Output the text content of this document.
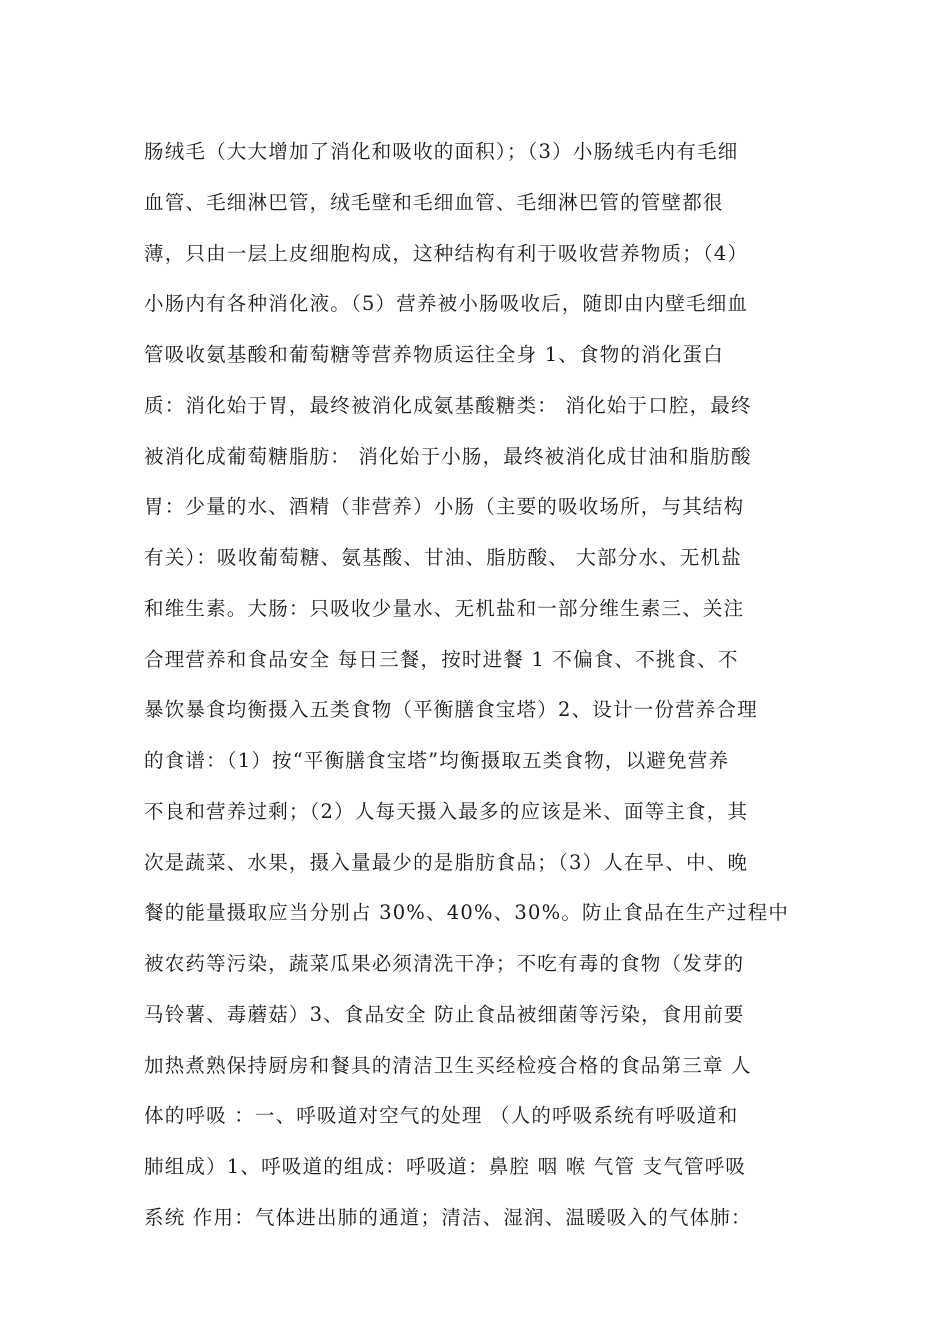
肠绒毛（大大增加了消化和吸收的面积）；（3）小肠绒毛内有毛细
血管、毛细淋巴管，绒毛壁和毛细血管、毛细淋巴管的管壁都很
薄，只由一层上皮细胞构成，这种结构有利于吸收营养物质；（4）
小肠内有各种消化液。（5）营养被小肠吸收后，随即由内壁毛细血
管吸收氨基酸和葡萄糖等营养物质运往全身 1、食物的消化蛋白
质：消化始于胃，最终被消化成氨基酸糖类： 消化始于口腔，最终
被消化成葡萄糖脂肪： 消化始于小肠，最终被消化成甘油和脂肪酸
胃：少量的水、酒精（非营养）小肠（主要的吸收场所，与其结构
有关）：吸收葡萄糖、氨基酸、甘油、脂肪酸、 大部分水、无机盐
和维生素。大肠：只吸收少量水、无机盐和一部分维生素三、关注
合理营养和食品安全 每日三餐，按时进餐 1 不偏食、不挑食、不
暴饮暴食均衡摄入五类食物（平衡膳食宝塔）2、设计一份营养合理
的食谱：（1）按“平衡膳食宝塔”均衡摄取五类食物，以避免营养
不良和营养过剩；（2）人每天摄入最多的应该是米、面等主食，其
次是蔬菜、水果，摄入量最少的是脂肪食品；（3）人在早、中、晚
餐的能量摄取应当分别占 30%、40%、30%。防止食品在生产过程中
被农药等污染，蔬菜瓜果必须清洗干净；不吃有毒的食物（发芽的
马铃薯、毒蘑菇）3、食品安全 防止食品被细菌等污染，食用前要
加热煮熟保持厨房和餐具的清洁卫生买经检疫合格的食品第三章 人
体的呼吸 ：一、呼吸道对空气的处理 （人的呼吸系统有呼吸道和
肺组成）1、呼吸道的组成：呼吸道：鼻腔 咽 喉 气管 支气管呼吸
系统 作用：气体进出肺的通道；清洁、湿润、温暖吸入的气体肺：
